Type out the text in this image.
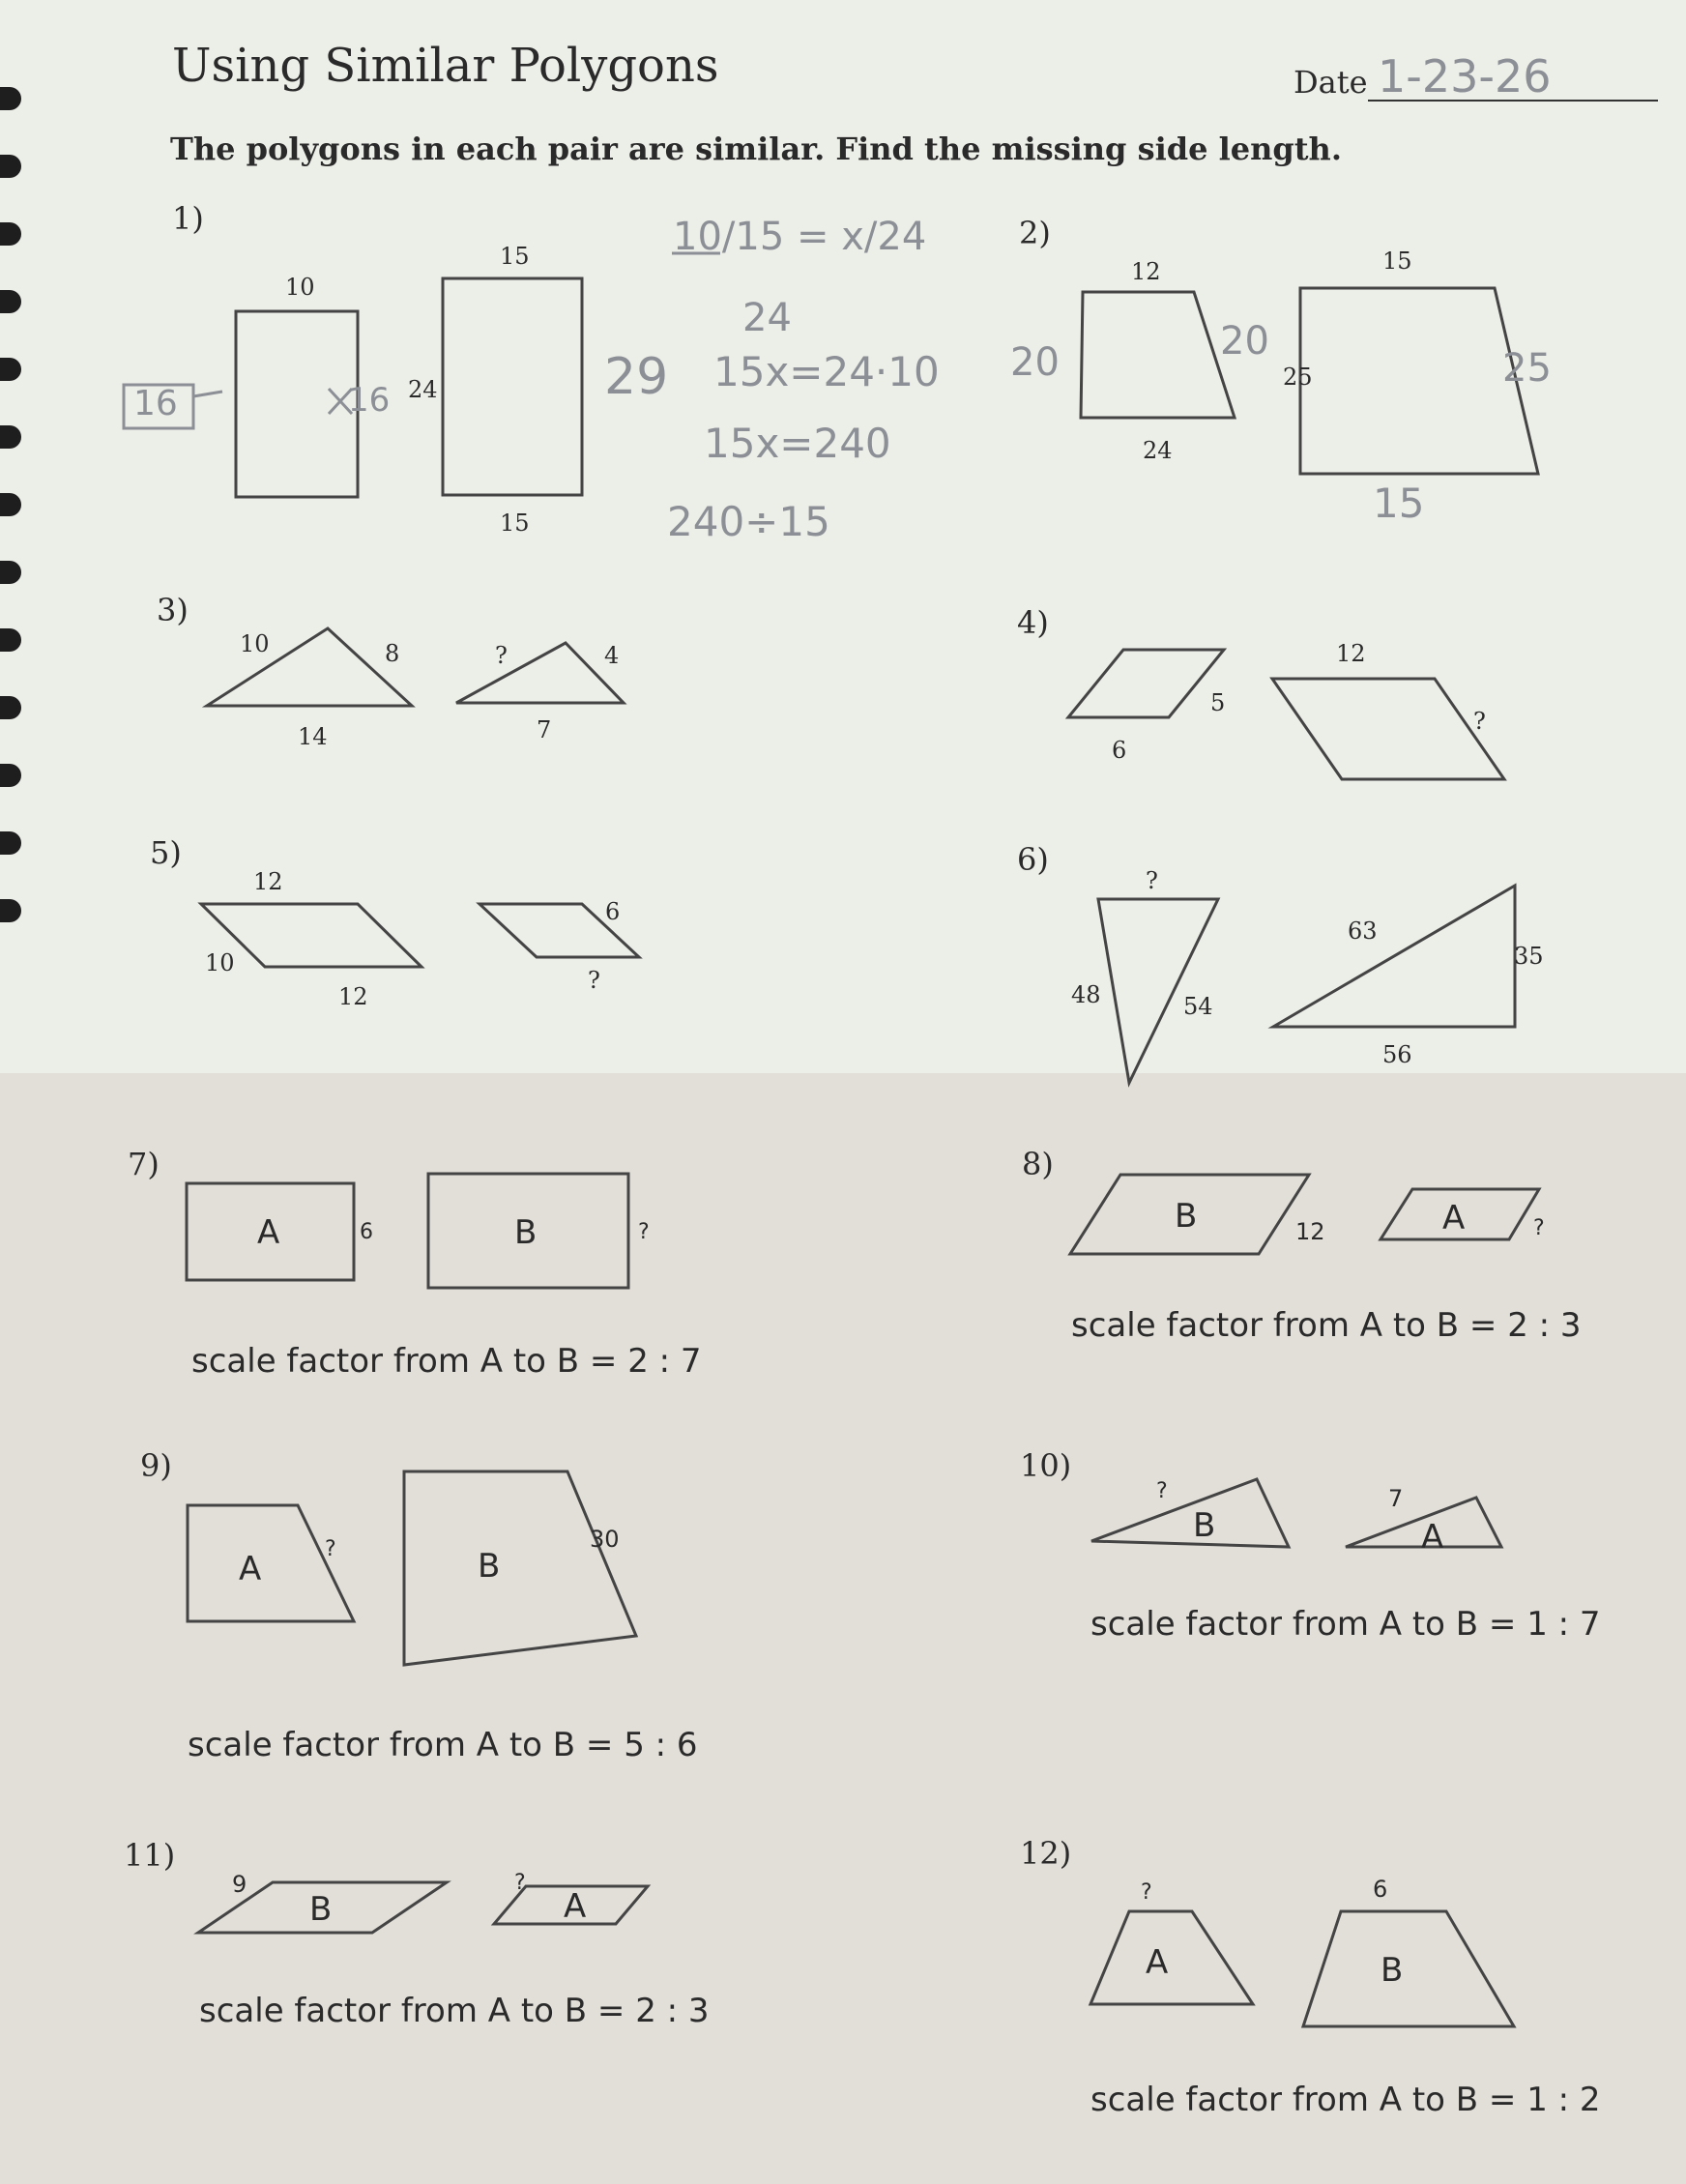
Using Similar Polygons	Date 1-23-26
The polygons in each pair are similar. Find the missing side length.
1)	2)
3)	4)
5)	6)
7)	8)
9)	10)
11)	12)
10
15
24
15
10/15 = x/24
24
15x=24·10
15x=240
240÷15
29
16	16
12
24
15
25
20	20
25
15
10	8
14
?	4
7
5
6
12
?
12
10
12
6
?
?
48	54
63
35
56
A	6	B	?
scale factor from A to B = 2 : 7
B	12	A	?
scale factor from A to B = 2 : 3
A
?	B
30
scale factor from A to B = 5 : 6
?
B
7
A
scale factor from A to B = 1 : 7
9
B
?
A
scale factor from A to B = 2 : 3
?
A
6
B
scale factor from A to B = 1 : 2
